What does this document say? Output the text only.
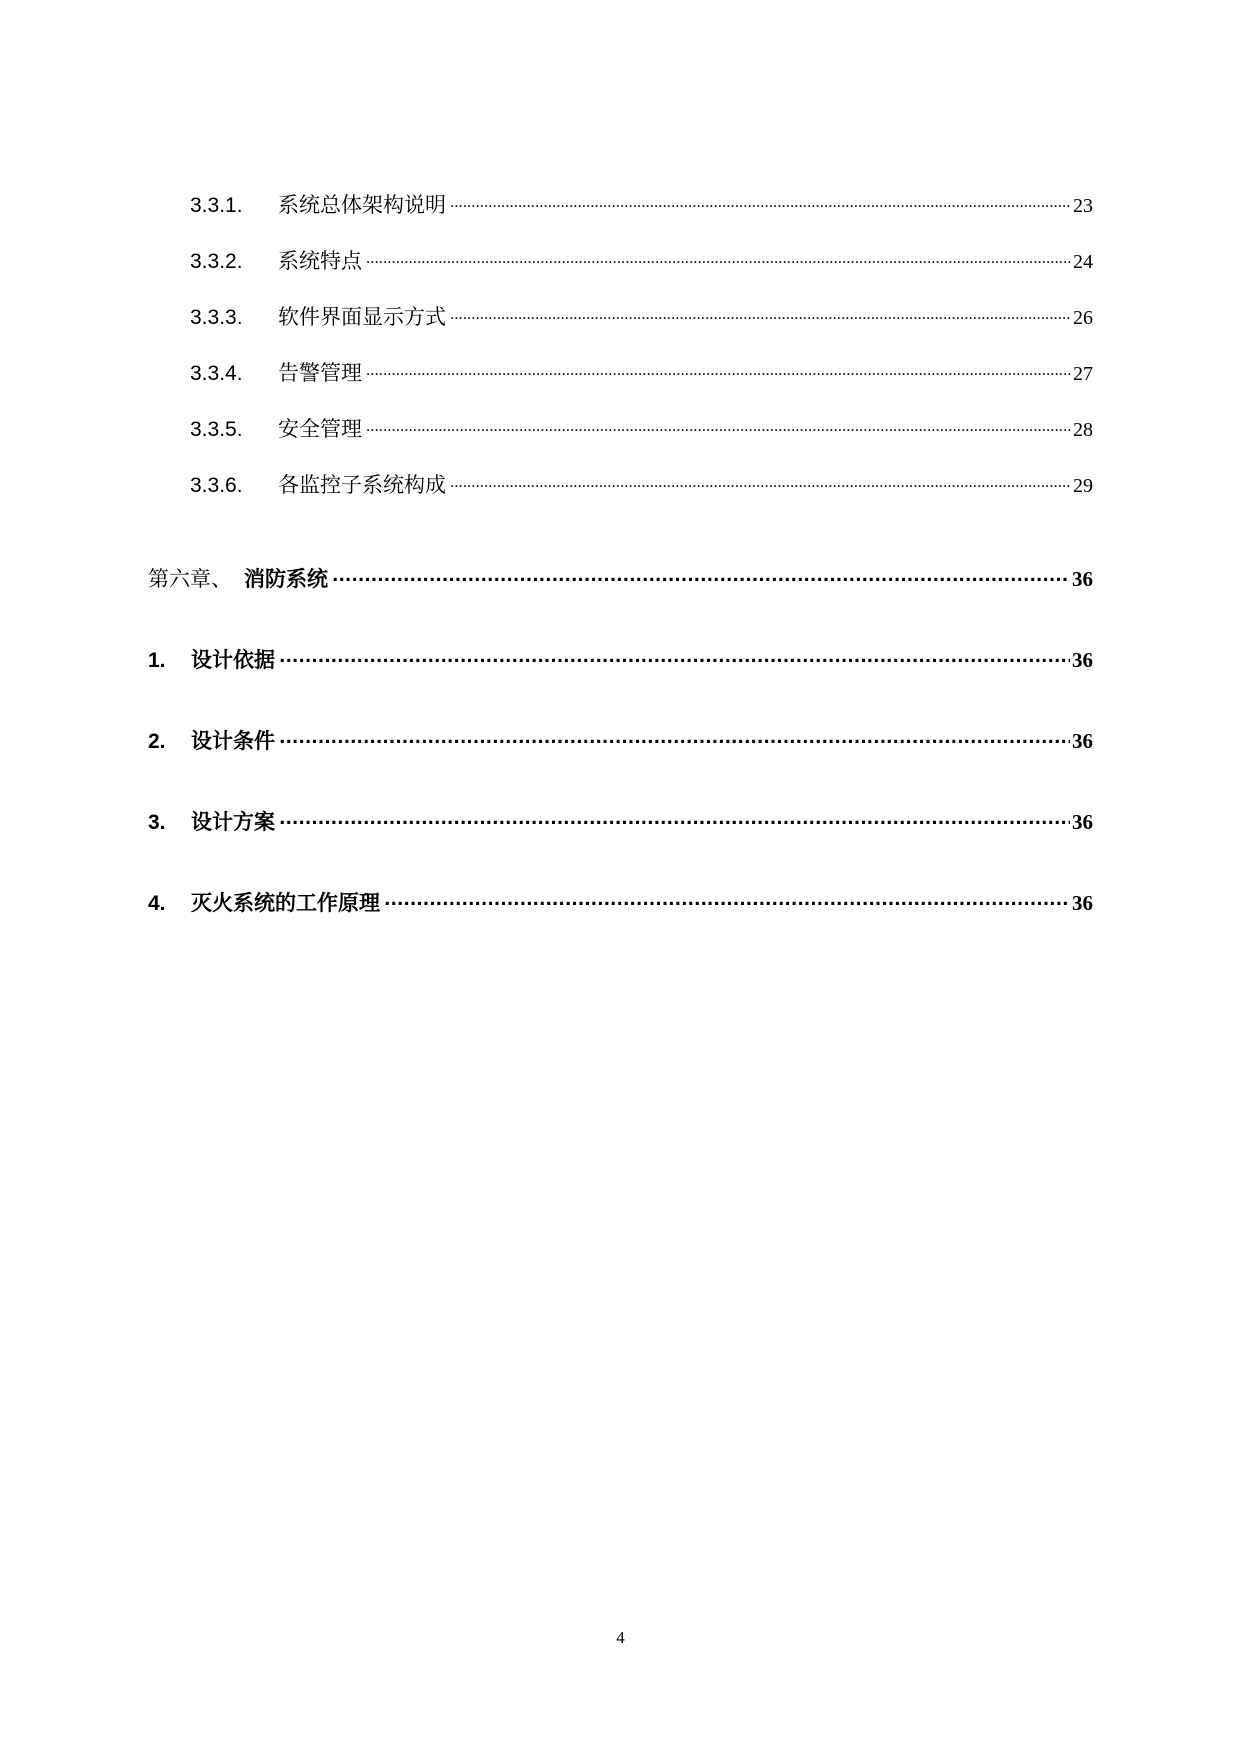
3.3.1.	系统总体架构说明 .....	23
3.3.2.	系统特点 .....	24
3.3.3.	软件界面显示方式 .....	26
3.3.4.	告警管理 .....	27
3.3.5.	安全管理 .....	28
3.3.6.	各监控子系统构成 .....	29
第六章、 消防系统 .....	36
1.	设计依据 .....	36
2.	设计条件 .....	36
3.	设计方案 .....	36
4.	灭火系统的工作原理 .....	36
4
